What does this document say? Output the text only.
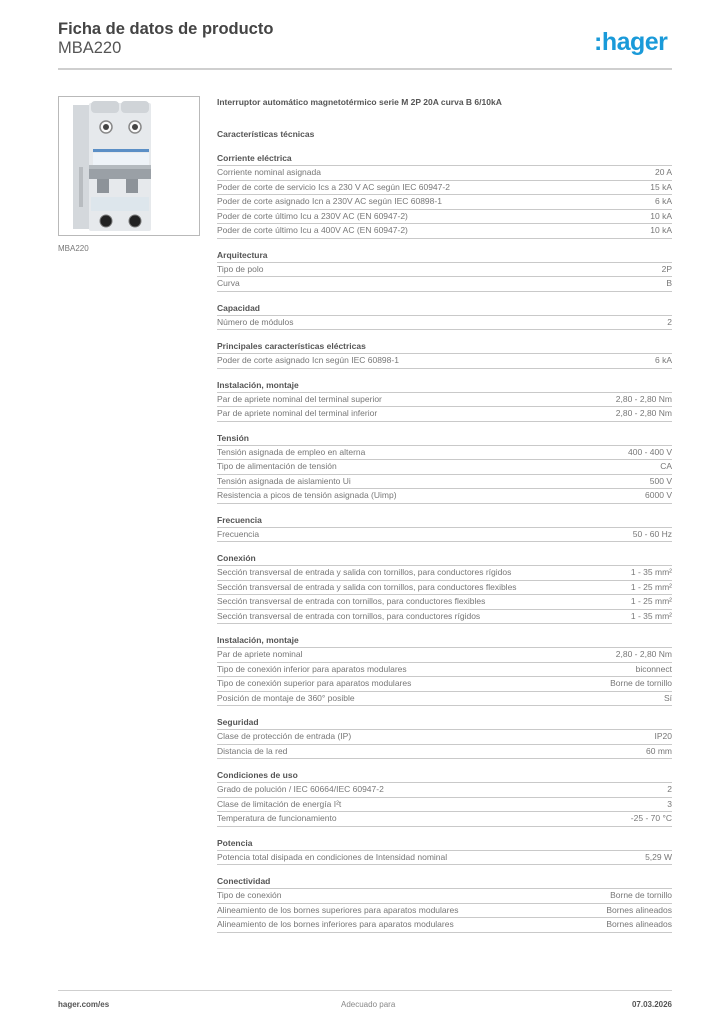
Ficha de datos de producto
MBA220	:hager
MBA220
Interruptor automático magnetotérmico serie M 2P 20A curva B 6/10kA
Características técnicas
Corriente eléctrica
Corriente nominal asignada	20 A
Poder de corte de servicio Ics a 230 V AC según IEC 60947-2	15 kA
Poder de corte asignado Icn a 230V AC según IEC 60898-1	6 kA
Poder de corte último Icu a 230V AC (EN 60947-2)	10 kA
Poder de corte último Icu a 400V AC (EN 60947-2)	10 kA
Arquitectura
Tipo de polo	2P
Curva	B
Capacidad
Número de módulos	2
Principales características eléctricas
Poder de corte asignado Icn según IEC 60898-1	6 kA
Instalación, montaje
Par de apriete nominal del terminal superior	2,80 - 2,80 Nm
Par de apriete nominal del terminal inferior	2,80 - 2,80 Nm
Tensión
Tensión asignada de empleo en alterna	400 - 400 V
Tipo de alimentación de tensión	CA
Tensión asignada de aislamiento Ui	500 V
Resistencia a picos de tensión asignada (Uimp)	6000 V
Frecuencia
Frecuencia	50 - 60 Hz
Conexión
Sección transversal de entrada y salida con tornillos, para conductores rígidos	1 - 35 mm²
Sección transversal de entrada y salida con tornillos, para conductores flexibles	1 - 25 mm²
Sección transversal de entrada con tornillos, para conductores flexibles	1 - 25 mm²
Sección transversal de entrada con tornillos, para conductores rígidos	1 - 35 mm²
Instalación, montaje
Par de apriete nominal	2,80 - 2,80 Nm
Tipo de conexión inferior para aparatos modulares	biconnect
Tipo de conexión superior para aparatos modulares	Borne de tornillo
Posición de montaje de 360° posible	Sí
Seguridad
Clase de protección de entrada (IP)	IP20
Distancia de la red	60 mm
Condiciones de uso
Grado de polución / IEC 60664/IEC 60947-2	2
Clase de limitación de energía I²t	3
Temperatura de funcionamiento	-25 - 70 °C
Potencia
Potencia total disipada en condiciones de Intensidad nominal	5,29 W
Conectividad
Tipo de conexión	Borne de tornillo
Alineamiento de los bornes superiores para aparatos modulares	Bornes alineados
Alineamiento de los bornes inferiores para aparatos modulares	Bornes alineados
hager.com/es	Adecuado para	07.03.2026
